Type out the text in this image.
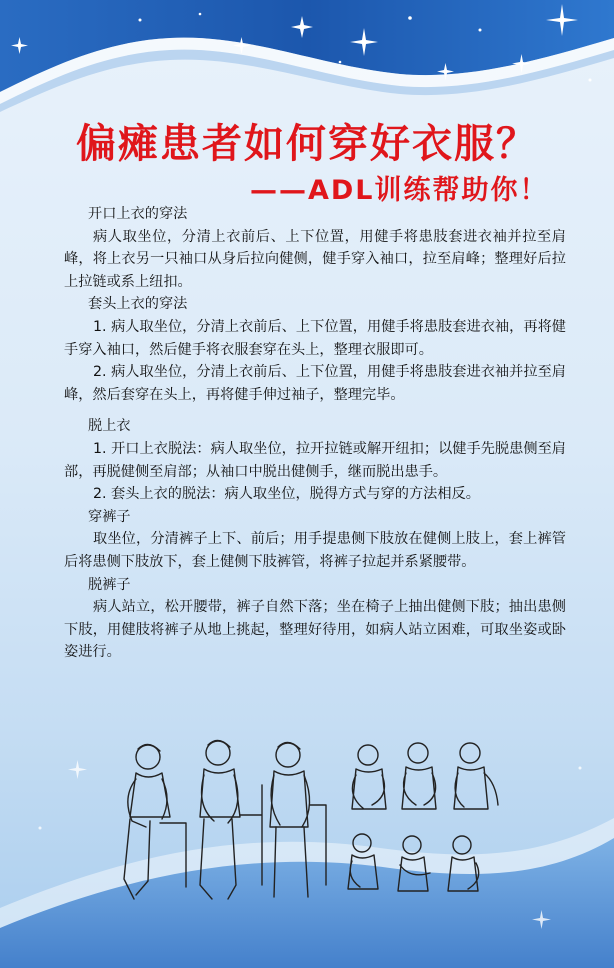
偏瘫患者如何穿好衣服？
——ADL训练帮助你！
开口上衣的穿法
病人取坐位，分清上衣前后、上下位置，用健手将患肢套进衣袖并拉至肩峰，将上衣另一只袖口从身后拉向健侧，健手穿入袖口，拉至肩峰；整理好后拉上拉链或系上纽扣。
套头上衣的穿法
1. 病人取坐位，分清上衣前后、上下位置，用健手将患肢套进衣袖，再将健手穿入袖口，然后健手将衣服套穿在头上，整理衣服即可。
2. 病人取坐位，分清上衣前后、上下位置，用健手将患肢套进衣袖并拉至肩峰，然后套穿在头上，再将健手伸过袖子，整理完毕。
脱上衣
1. 开口上衣脱法：病人取坐位，拉开拉链或解开纽扣；以健手先脱患侧至肩部，再脱健侧至肩部；从袖口中脱出健侧手，继而脱出患手。
2. 套头上衣的脱法：病人取坐位，脱得方式与穿的方法相反。
穿裤子
取坐位，分清裤子上下、前后；用手提患侧下肢放在健侧上肢上，套上裤管后将患侧下肢放下，套上健侧下肢裤管，将裤子拉起并系紧腰带。
脱裤子
病人站立，松开腰带，裤子自然下落；坐在椅子上抽出健侧下肢；抽出患侧下肢，用健肢将裤子从地上挑起，整理好待用，如病人站立困难，可取坐姿或卧姿进行。
